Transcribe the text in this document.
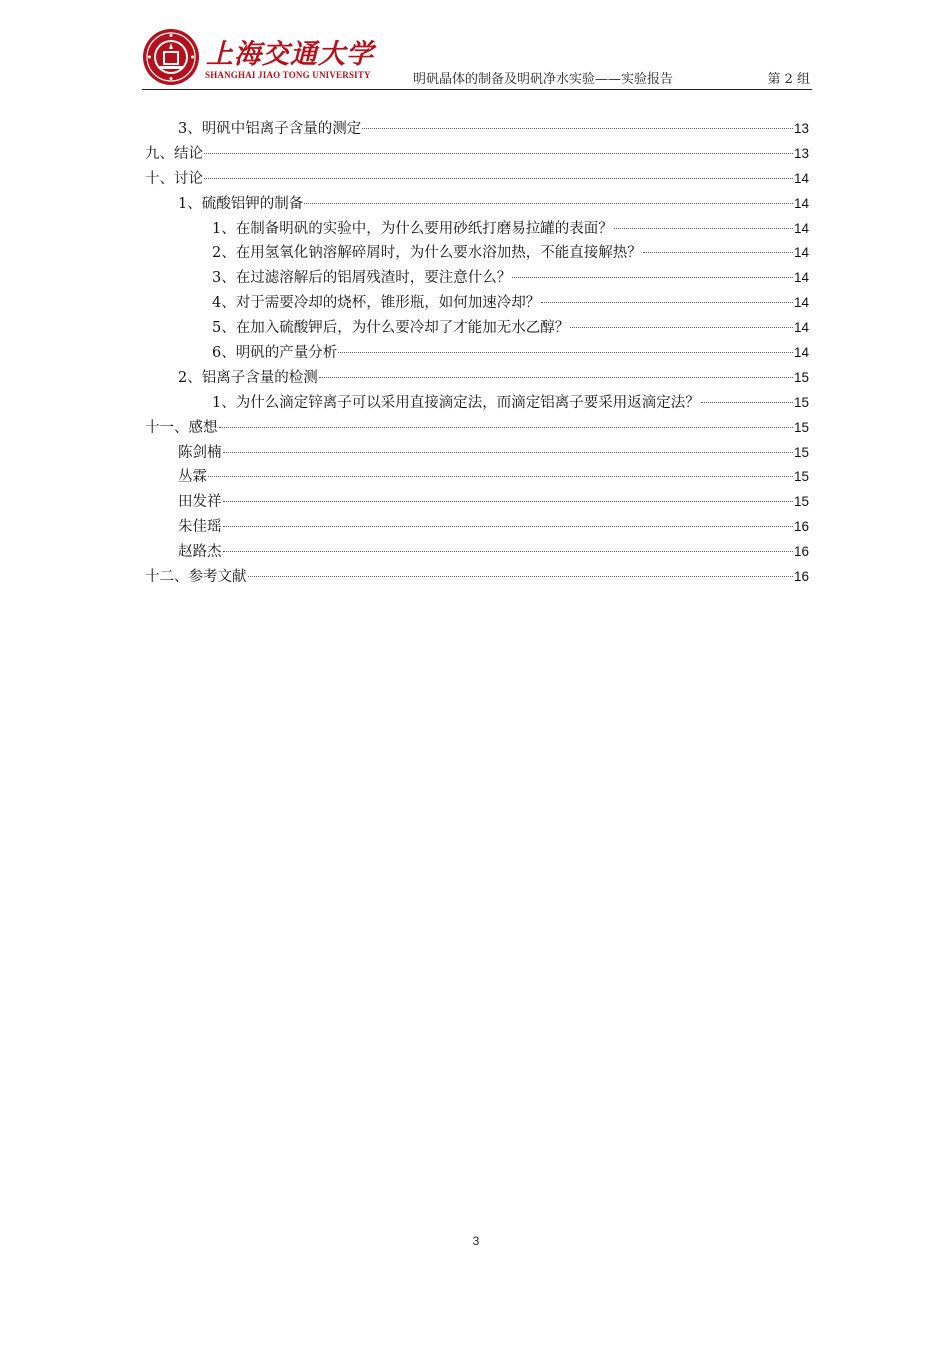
上海交通大学
SHANGHAI JIAO TONG UNIVERSITY	明矾晶体的制备及明矾净水实验——实验报告	第 2 组
3、明矾中铝离子含量的测定	13
九、结论	13
十、讨论	14
1、硫酸铝钾的制备	14
1、在制备明矾的实验中，为什么要用砂纸打磨易拉罐的表面？	14
2、在用氢氧化钠溶解碎屑时，为什么要水浴加热，不能直接解热？	14
3、在过滤溶解后的铝屑残渣时，要注意什么？	14
4、对于需要冷却的烧杯，锥形瓶，如何加速冷却？	14
5、在加入硫酸钾后，为什么要冷却了才能加无水乙醇？	14
6、明矾的产量分析	14
2、铝离子含量的检测	15
1、为什么滴定锌离子可以采用直接滴定法，而滴定铝离子要采用返滴定法？	15
十一、感想	15
陈剑楠	15
丛霖	15
田发祥	15
朱佳瑶	16
赵路杰	16
十二、参考文献	16
3
